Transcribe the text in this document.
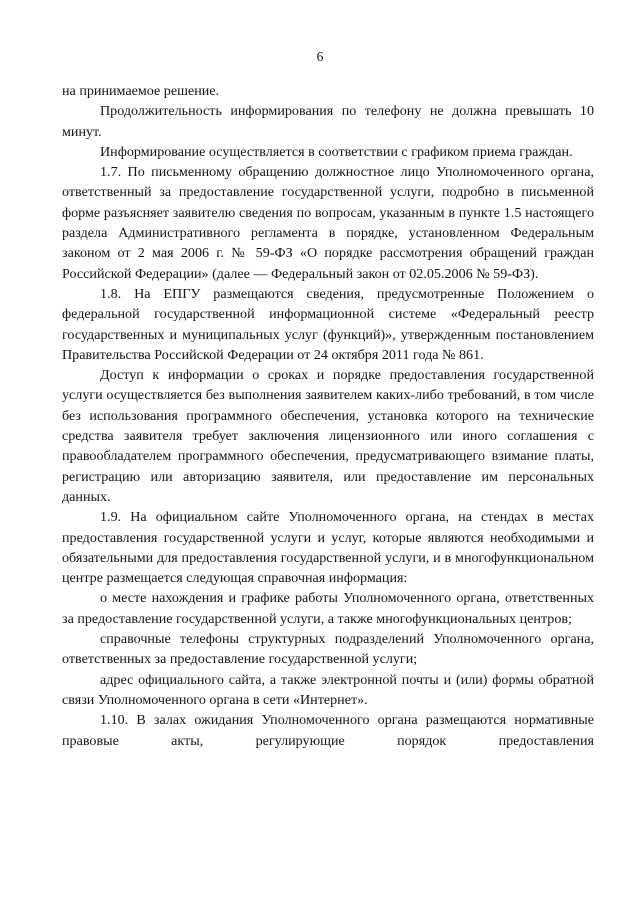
6

на принимаемое решение.

Продолжительность информирования по телефону не должна превышать 10 минут.

Информирование осуществляется в соответствии с графиком приема граждан.

1.7. По письменному обращению должностное лицо Уполномоченного органа, ответственный за предоставление государственной услуги, подробно в письменной форме разъясняет заявителю сведения по вопросам, указанным в пункте 1.5 настоящего раздела Административного регламента в порядке, установленном Федеральным законом от 2 мая 2006 г. № 59-ФЗ «О порядке рассмотрения обращений граждан Российской Федерации» (далее — Федеральный закон от 02.05.2006 № 59-ФЗ).

1.8. На ЕПГУ размещаются сведения, предусмотренные Положением о федеральной государственной информационной системе «Федеральный реестр государственных и муниципальных услуг (функций)», утвержденным постановлением Правительства Российской Федерации от 24 октября 2011 года № 861.

Доступ к информации о сроках и порядке предоставления государственной услуги осуществляется без выполнения заявителем каких-либо требований, в том числе без использования программного обеспечения, установка которого на технические средства заявителя требует заключения лицензионного или иного соглашения с правообладателем программного обеспечения, предусматривающего взимание платы, регистрацию или авторизацию заявителя, или предоставление им персональных данных.

1.9. На официальном сайте Уполномоченного органа, на стендах в местах предоставления государственной услуги и услуг, которые являются необходимыми и обязательными для предоставления государственной услуги, и в многофункциональном центре размещается следующая справочная информация:

о месте нахождения и графике работы Уполномоченного органа, ответственных за предоставление государственной услуги, а также многофункциональных центров;

справочные телефоны структурных подразделений Уполномоченного органа, ответственных за предоставление государственной услуги;

адрес официального сайта, а также электронной почты и (или) формы обратной связи Уполномоченного органа в сети «Интернет».

1.10. В залах ожидания Уполномоченного органа размещаются нормативные правовые акты, регулирующие порядок предоставления
